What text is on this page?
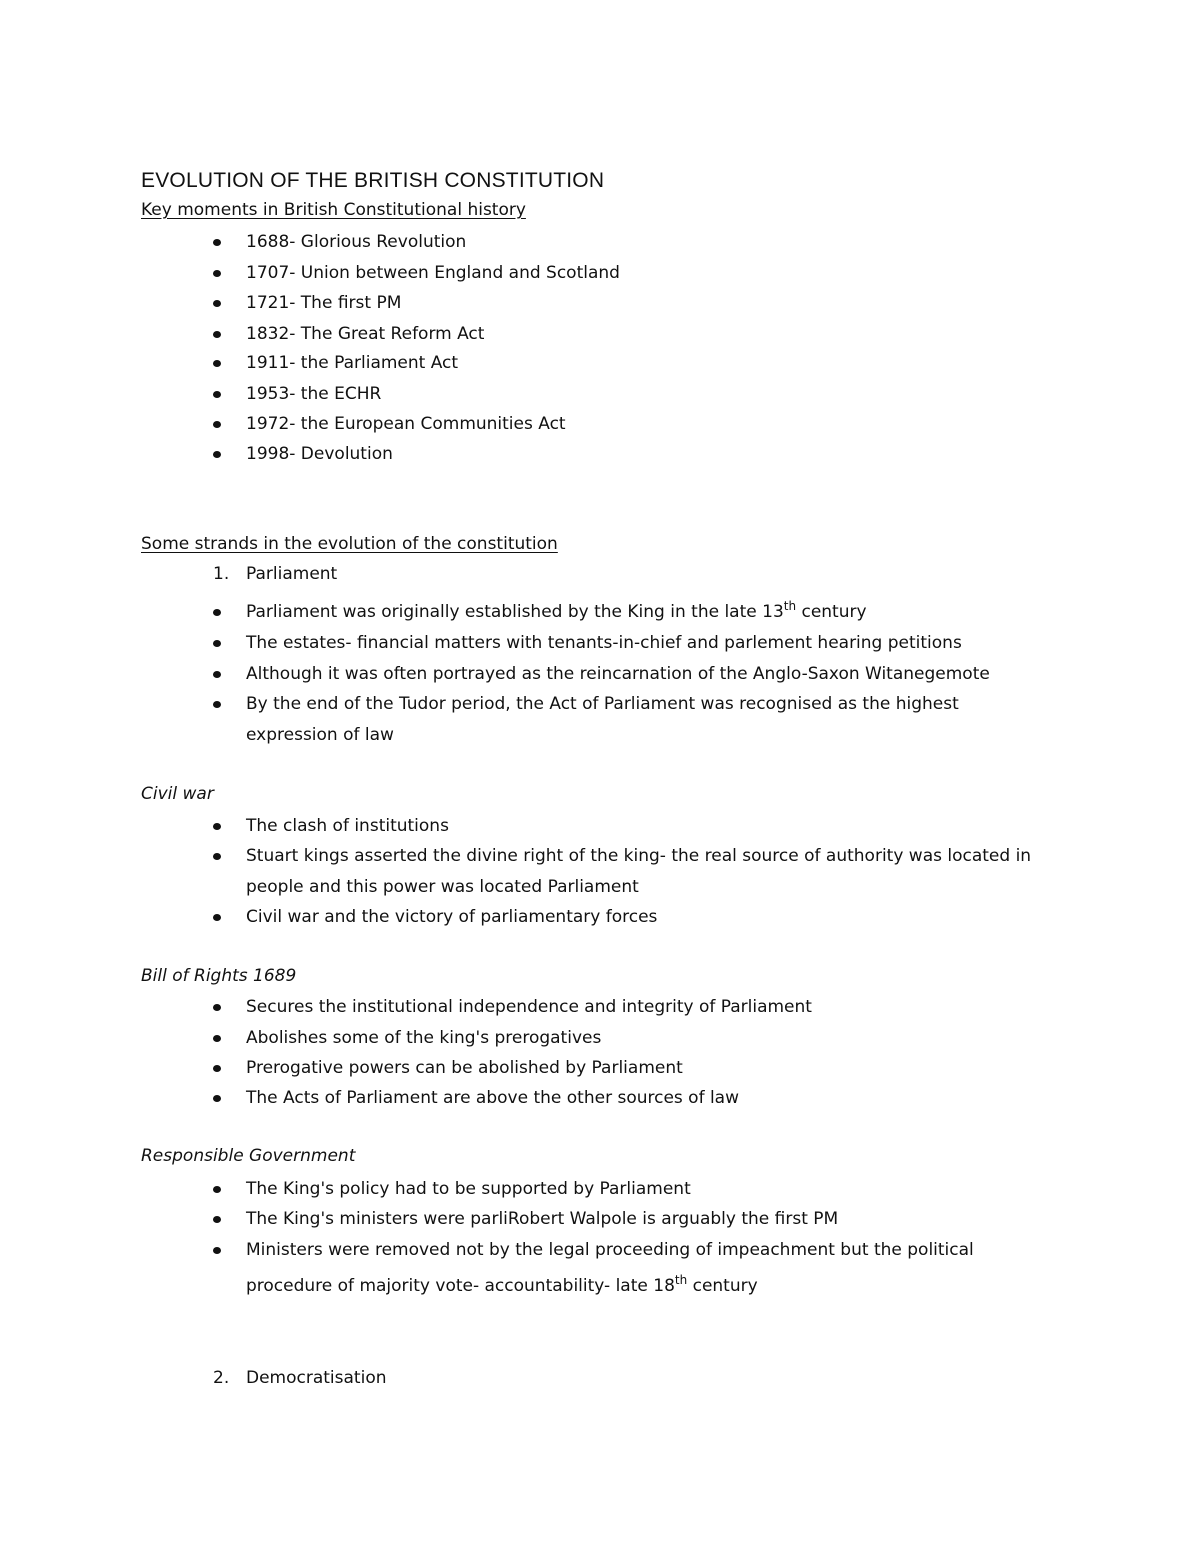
EVOLUTION OF THE BRITISH CONSTITUTION
Key moments in British Constitutional history
1688- Glorious Revolution
1707- Union between England and Scotland
1721- The first PM
1832- The Great Reform Act
1911- the Parliament Act
1953- the ECHR
1972- the European Communities Act
1998- Devolution
Some strands in the evolution of the constitution
1. Parliament
Parliament was originally established by the King in the late 13th century
The estates- financial matters with tenants-in-chief and parlement hearing petitions
Although it was often portrayed as the reincarnation of the Anglo-Saxon Witanegemote
By the end of the Tudor period, the Act of Parliament was recognised as the highest
expression of law
Civil war
The clash of institutions
Stuart kings asserted the divine right of the king- the real source of authority was located in
people and this power was located Parliament
Civil war and the victory of parliamentary forces
Bill of Rights 1689
Secures the institutional independence and integrity of Parliament
Abolishes some of the king's prerogatives
Prerogative powers can be abolished by Parliament
The Acts of Parliament are above the other sources of law
Responsible Government
The King's policy had to be supported by Parliament
The King's ministers were parliRobert Walpole is arguably the first PM
Ministers were removed not by the legal proceeding of impeachment but the political
procedure of majority vote- accountability- late 18th century
2. Democratisation
